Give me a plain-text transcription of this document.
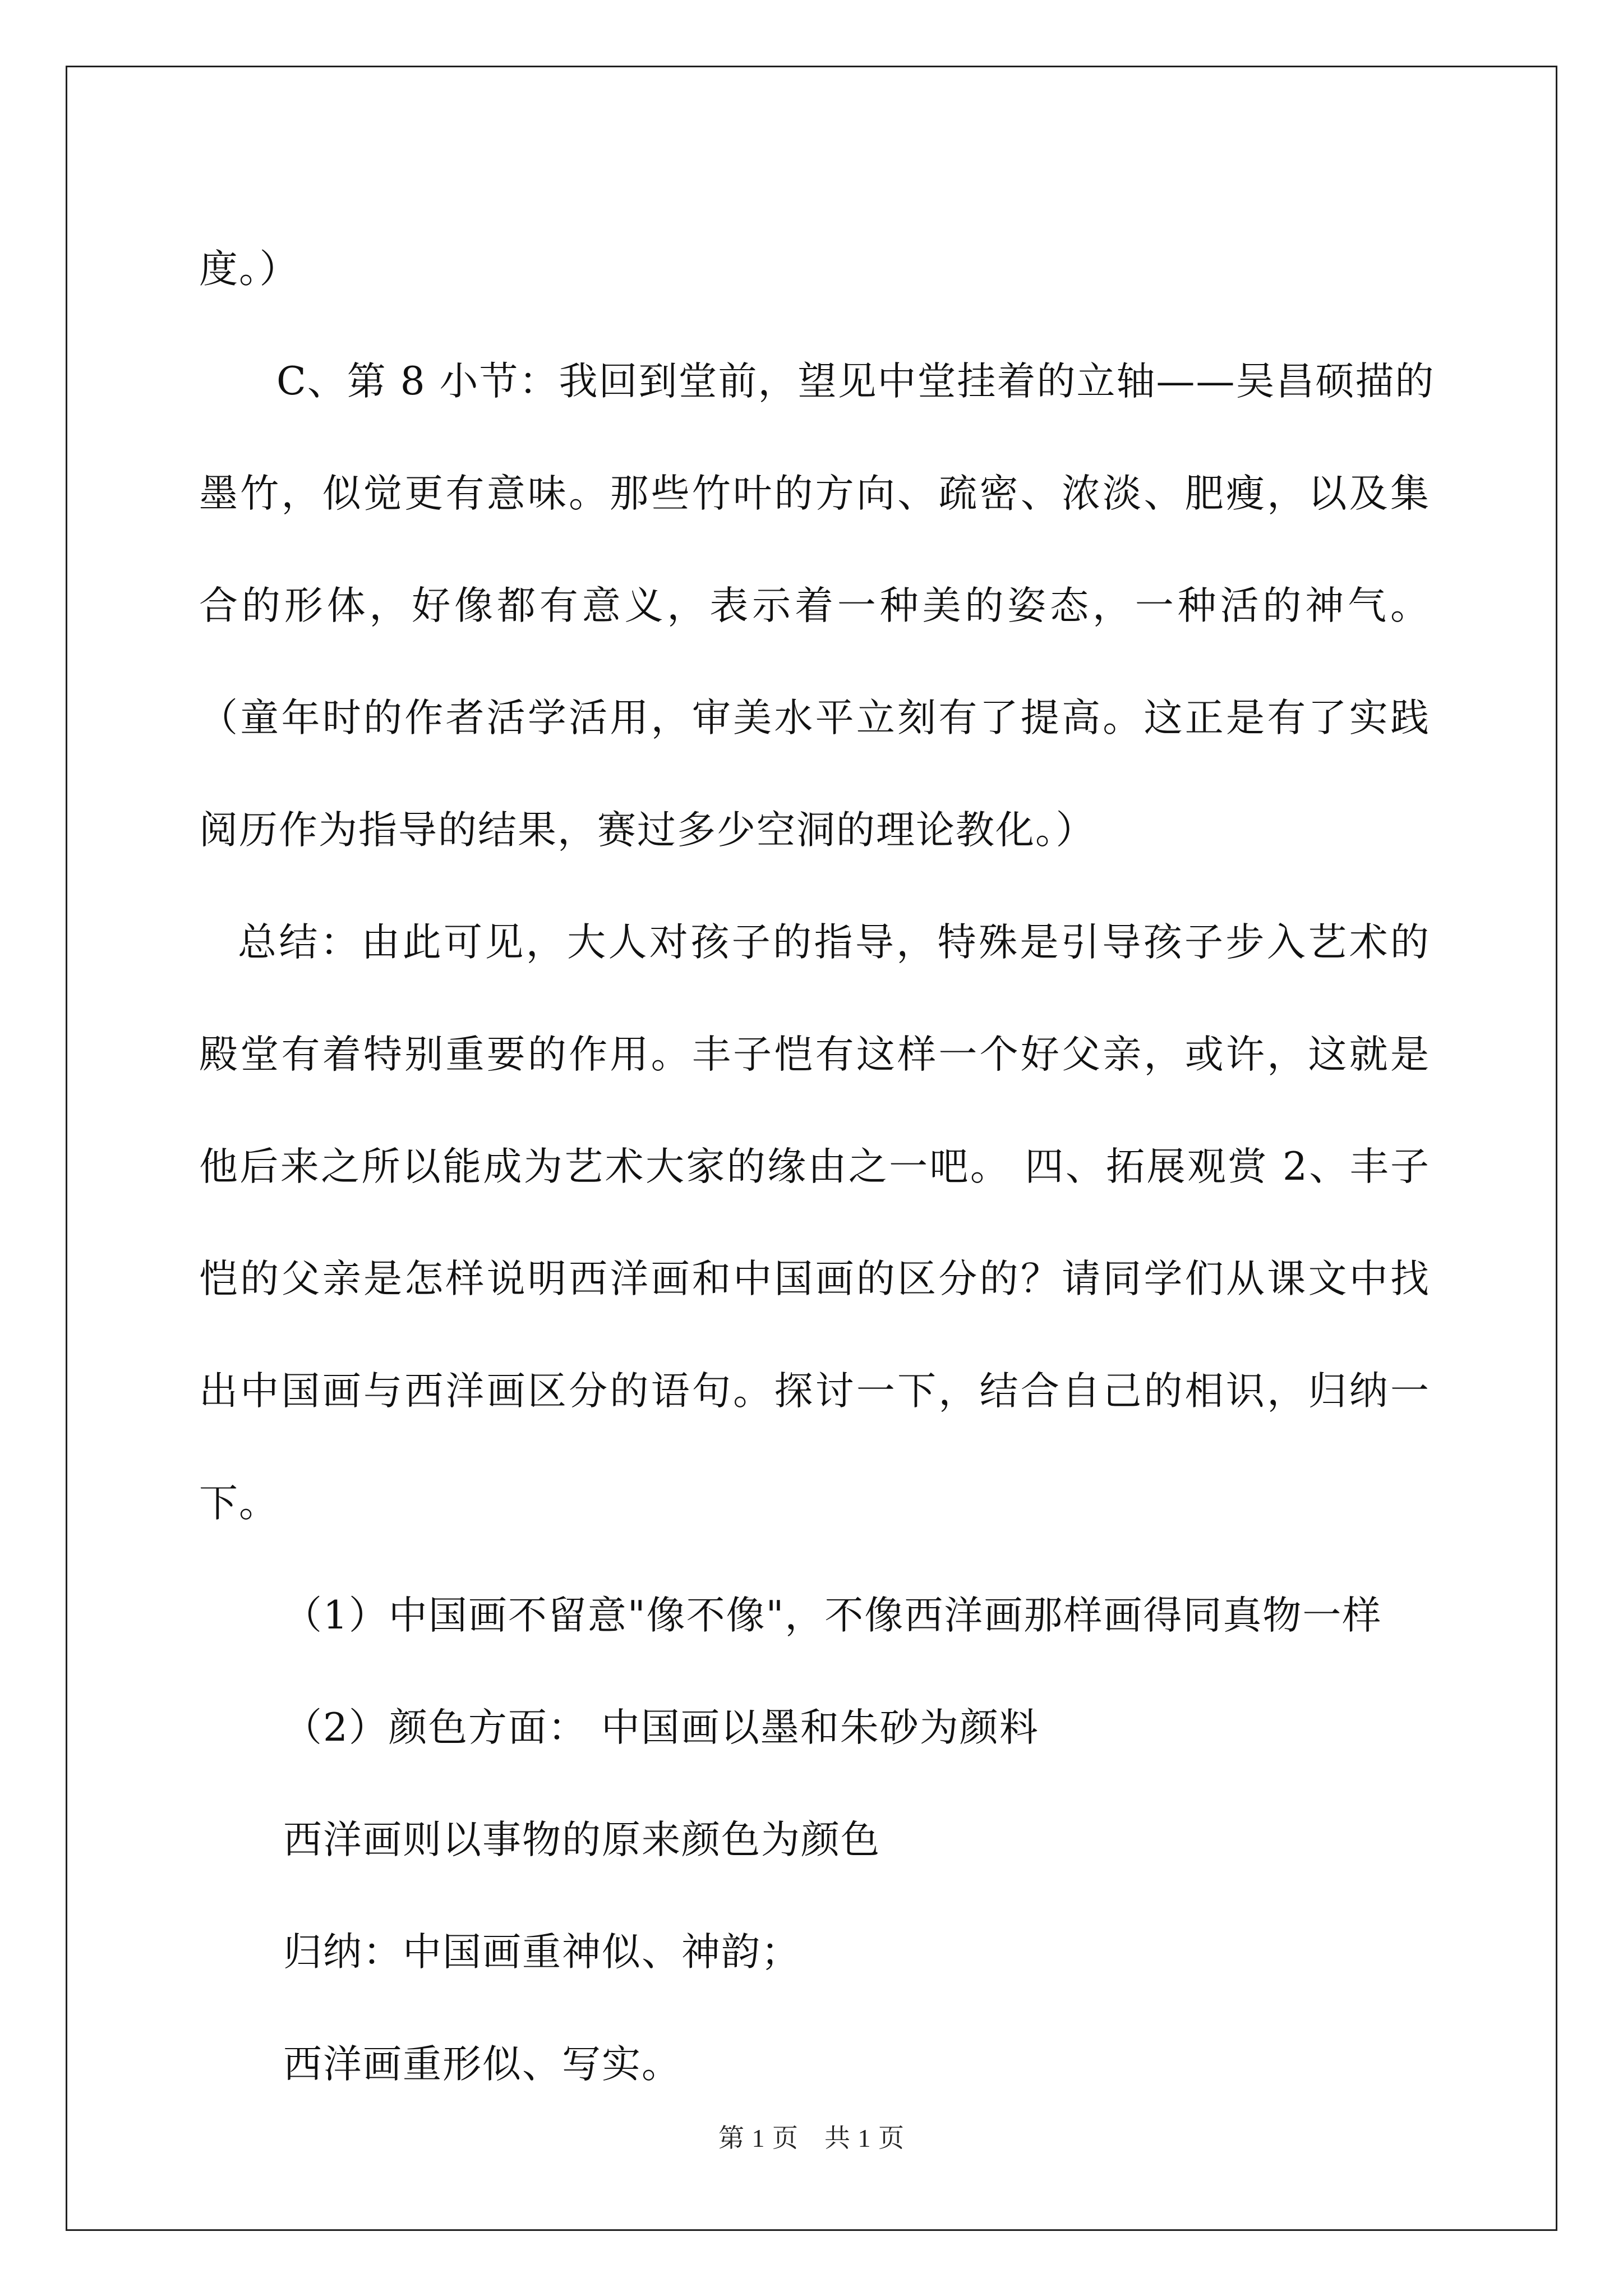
度。）
C、第 8 小节：我回到堂前，望见中堂挂着的立轴——吴昌硕描的
墨竹，似觉更有意味。那些竹叶的方向、疏密、浓淡、肥瘦，以及集
合的形体，好像都有意义，表示着一种美的姿态，一种活的神气。
（童年时的作者活学活用，审美水平立刻有了提高。这正是有了实践
阅历作为指导的结果，赛过多少空洞的理论教化。）
总结：由此可见，大人对孩子的指导，特殊是引导孩子步入艺术的
殿堂有着特别重要的作用。丰子恺有这样一个好父亲，或许，这就是
他后来之所以能成为艺术大家的缘由之一吧。 四、拓展观赏 2、丰子
恺的父亲是怎样说明西洋画和中国画的区分的？请同学们从课文中找
出中国画与西洋画区分的语句。探讨一下，结合自己的相识，归纳一
下。
（1）中国画不留意"像不像"，不像西洋画那样画得同真物一样
（2）颜色方面： 中国画以墨和朱砂为颜料
西洋画则以事物的原来颜色为颜色
归纳：中国画重神似、神韵；
西洋画重形似、写实。
第 1 页 共 1 页
